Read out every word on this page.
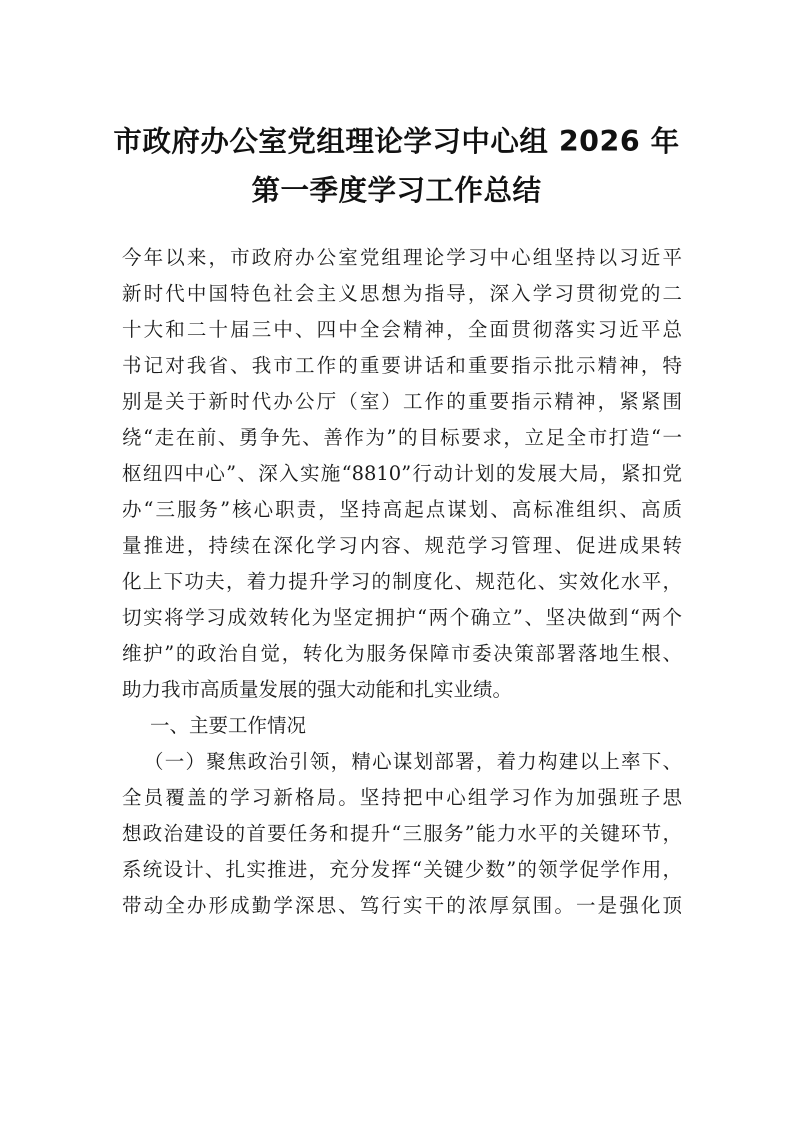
市政府办公室党组理论学习中心组 2026 年
第一季度学习工作总结
今年以来，市政府办公室党组理论学习中心组坚持以习近平
新时代中国特色社会主义思想为指导，深入学习贯彻党的二
十大和二十届三中、四中全会精神，全面贯彻落实习近平总
书记对我省、我市工作的重要讲话和重要指示批示精神，特
别是关于新时代办公厅（室）工作的重要指示精神，紧紧围
绕“走在前、勇争先、善作为”的目标要求，立足全市打造“一
枢纽四中心”、深入实施“8810”行动计划的发展大局，紧扣党
办“三服务”核心职责，坚持高起点谋划、高标准组织、高质
量推进，持续在深化学习内容、规范学习管理、促进成果转
化上下功夫，着力提升学习的制度化、规范化、实效化水平，
切实将学习成效转化为坚定拥护“两个确立”、坚决做到“两个
维护”的政治自觉，转化为服务保障市委决策部署落地生根、
助力我市高质量发展的强大动能和扎实业绩。
一、主要工作情况
（一）聚焦政治引领，精心谋划部署，着力构建以上率下、
全员覆盖的学习新格局。坚持把中心组学习作为加强班子思
想政治建设的首要任务和提升“三服务”能力水平的关键环节，
系统设计、扎实推进，充分发挥“关键少数”的领学促学作用，
带动全办形成勤学深思、笃行实干的浓厚氛围。一是强化顶
